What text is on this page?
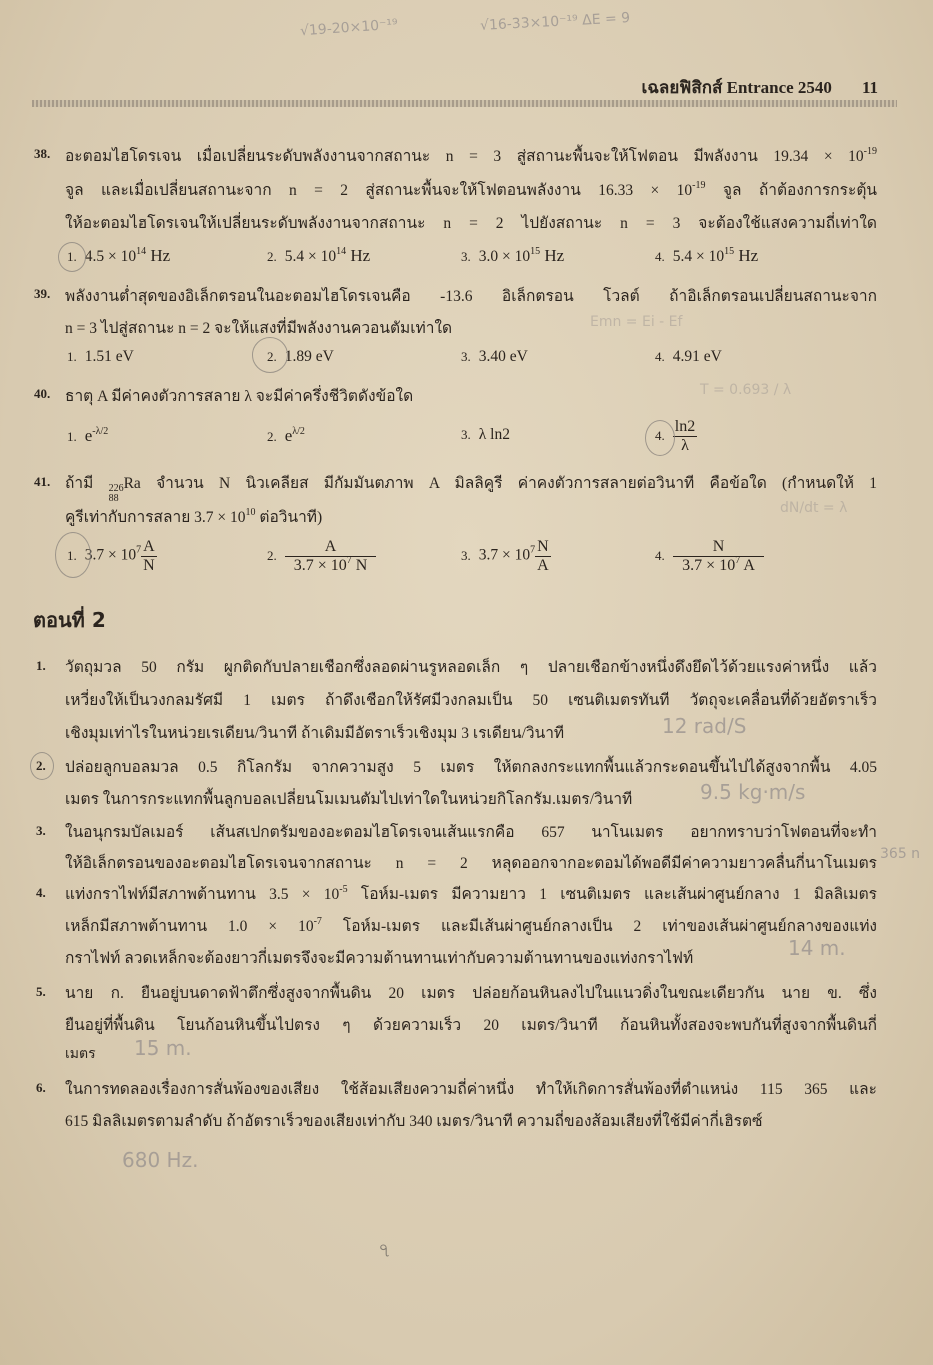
เฉลยฟิสิกส์ Entrance 2540 11
38. อะตอมไฮโดรเจน เมื่อเปลี่ยนระดับพลังงานจากสถานะ n = 3 สู่สถานะพื้นจะให้โฟตอน มีพลังงาน $19.34 \times 10^{-19}$
จูล และเมื่อเปลี่ยนสถานะจาก n = 2 สู่สถานะพื้นจะให้โฟตอนพลังงาน $16.33 \times 10^{-19}$ จูล ถ้าต้องการกระตุ้น
ให้อะตอมไฮโดรเจนให้เปลี่ยนระดับพลังงานจากสถานะ n = 2 ไปยังสถานะ n = 3 จะต้องใช้แสงความถี่เท่าใด
1. $4.5 \times 10^{14}$ Hz	2. $5.4 \times 10^{14}$ Hz	3. $3.0 \times 10^{15}$ Hz	4. $5.4 \times 10^{15}$ Hz
39. พลังงานต่ำสุดของอิเล็กตรอนในอะตอมไฮโดรเจนคือ -13.6 อิเล็กตรอน โวลต์ ถ้าอิเล็กตรอนเปลี่ยนสถานะจาก
n = 3 ไปสู่สถานะ n = 2 จะให้แสงที่มีพลังงานควอนตัมเท่าใด
1. 1.51 eV	2. 1.89 eV	3. 3.40 eV	4. 4.91 eV
40. ธาตุ A มีค่าคงตัวการสลาย λ จะมีค่าครึ่งชีวิตดังข้อใด
1. $e^{-\lambda/2}$	2. $e^{\lambda/2}$	3. λ ln2	4. $\frac{\ln 2}{\lambda}$
41. ถ้ามี 226
88
Ra จำนวน N นิวเคลียส มีกัมมันตภาพ A มิลลิคูรี ค่าคงตัวการสลายต่อวินาที คือข้อใด (กำหนดให้ 1
คูรีเท่ากับการสลาย $3.7 \times 10^{10}$ ต่อวินาที)
1. $3.7 \times 10^7 \frac{A}{N}$	2. $\frac{A}{3.7 \times 10^7 N}$	3. $3.7 \times 10^7 \frac{N}{A}$	4. $\frac{N}{3.7 \times 10^7 A}$
ตอนที่ 2
1. วัตถุมวล 50 กรัม ผูกติดกับปลายเชือกซึ่งลอดผ่านรูหลอดเล็ก ๆ ปลายเชือกข้างหนึ่งดึงยึดไว้ด้วยแรงค่าหนึ่ง แล้ว
เหวี่ยงให้เป็นวงกลมรัศมี 1 เมตร ถ้าดึงเชือกให้รัศมีวงกลมเป็น 50 เซนติเมตรทันที วัตถุจะเคลื่อนที่ด้วยอัตราเร็ว
เชิงมุมเท่าไรในหน่วยเรเดียน/วินาที ถ้าเดิมมีอัตราเร็วเชิงมุม 3 เรเดียน/วินาที
2. ปล่อยลูกบอลมวล 0.5 กิโลกรัม จากความสูง 5 เมตร ให้ตกลงกระแทกพื้นแล้วกระดอนขึ้นไปได้สูงจากพื้น 4.05
เมตร ในการกระแทกพื้นลูกบอลเปลี่ยนโมเมนตัมไปเท่าใดในหน่วยกิโลกรัม.เมตร/วินาที
3. ในอนุกรมบัลเมอร์ เส้นสเปกตรัมของอะตอมไฮโดรเจนเส้นแรกคือ 657 นาโนเมตร อยากทราบว่าโฟตอนที่จะทำ
ให้อิเล็กตรอนของอะตอมไฮโดรเจนจากสถานะ n = 2 หลุดออกจากอะตอมได้พอดีมีค่าความยาวคลื่นกี่นาโนเมตร
4. แท่งกราไฟท์มีสภาพต้านทาน $3.5 \times 10^{-5}$ โอห์ม-เมตร มีความยาว 1 เซนติเมตร และเส้นผ่าศูนย์กลาง 1 มิลลิเมตร
เหล็กมีสภาพต้านทาน $1.0 \times 10^{-7}$ โอห์ม-เมตร และมีเส้นผ่าศูนย์กลางเป็น 2 เท่าของเส้นผ่าศูนย์กลางของแท่ง
กราไฟท์ ลวดเหล็กจะต้องยาวกี่เมตรจึงจะมีความต้านทานเท่ากับความต้านทานของแท่งกราไฟท์
5. นาย ก. ยืนอยู่บนดาดฟ้าตึกซึ่งสูงจากพื้นดิน 20 เมตร ปล่อยก้อนหินลงไปในแนวดิ่งในขณะเดียวกัน นาย ข. ซึ่ง
ยืนอยู่ที่พื้นดิน โยนก้อนหินขึ้นไปตรง ๆ ด้วยความเร็ว 20 เมตร/วินาที ก้อนหินทั้งสองจะพบกันที่สูงจากพื้นดินกี่
เมตร
6. ในการทดลองเรื่องการสั่นพ้องของเสียง ใช้ส้อมเสียงความถี่ค่าหนึ่ง ทำให้เกิดการสั่นพ้องที่ตำแหน่ง 115 365 และ
615 มิลลิเมตรตามลำดับ ถ้าอัตราเร็วของเสียงเท่ากับ 340 เมตร/วินาที ความถี่ของส้อมเสียงที่ใช้มีค่ากี่เฮิรตซ์
√19-20×10⁻¹⁹	√16-33×10⁻¹⁹ ΔE = 9
Emn = Ei - Ef
T = 0.693 / λ
dN/dt = λ
12 rad/S
9.5 kg·m/s
365 n
14 m.
15 m.
680 Hz.
৭
